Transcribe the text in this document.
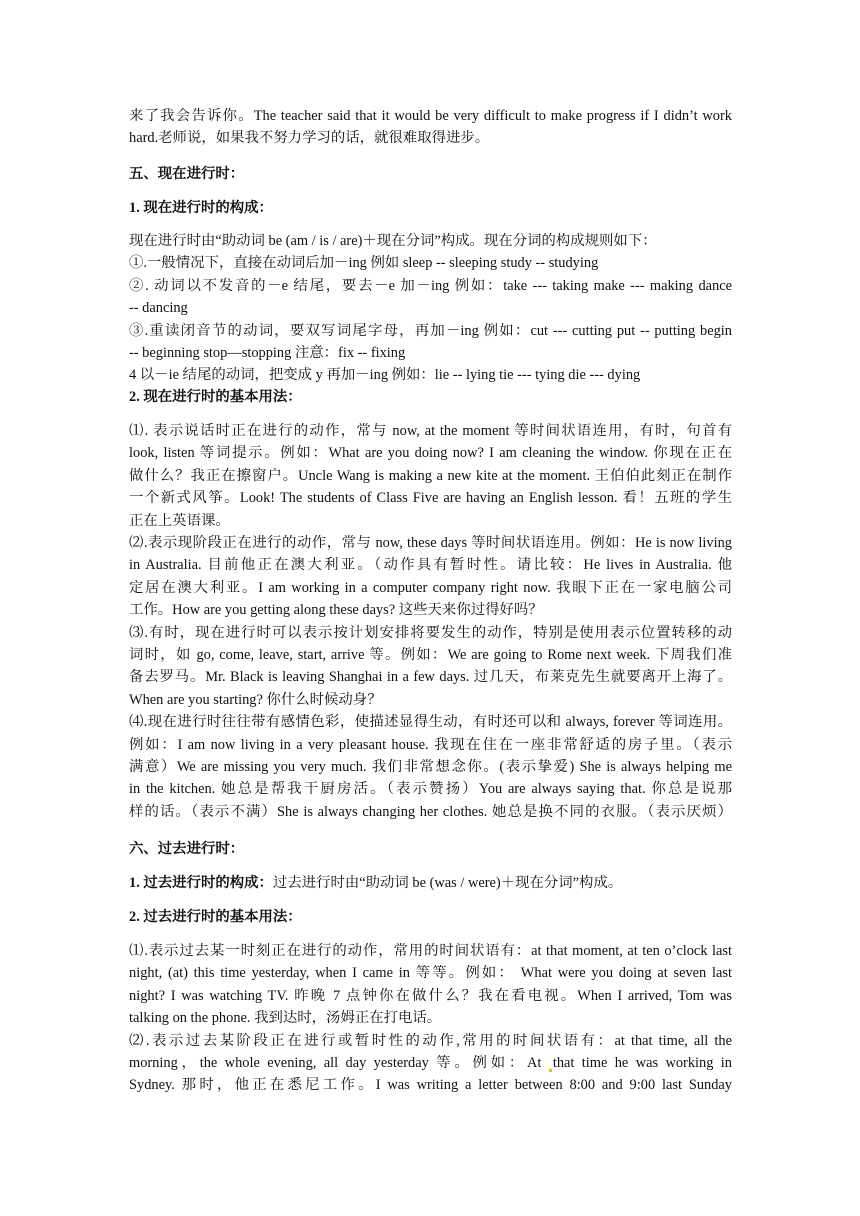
来了我会告诉你。The teacher said that it would be very difficult to make progress if I didn’t work
hard.老师说，如果我不努力学习的话，就很难取得进步。

五、现在进行时：

1. 现在进行时的构成：

现在进行时由“助动词 be (am / is / are)＋现在分词”构成。现在分词的构成规则如下：
①.一般情况下，直接在动词后加－ing 例如 sleep -- sleeping study -- studying
②. 动词以不发音的－e 结尾，要去－e 加－ing 例如：take --- taking make --- making dance
-- dancing
③.重读闭音节的动词，要双写词尾字母，再加－ing 例如：cut --- cutting put -- putting begin
-- beginning stop—stopping 注意：fix -- fixing
4 以－ie 结尾的动词，把变成 y 再加－ing 例如：lie -- lying tie --- tying die --- dying

2. 现在进行时的基本用法：

⑴. 表示说话时正在进行的动作，常与 now, at the moment 等时间状语连用，有时，句首有
look, listen 等词提示。例如：What are you doing now? I am cleaning the window. 你现在正在
做什么？我正在擦窗户。Uncle Wang is making a new kite at the moment. 王伯伯此刻正在制作
一个新式风筝。Look! The students of Class Five are having an English lesson. 看！五班的学生
正在上英语课。
⑵.表示现阶段正在进行的动作，常与 now, these days 等时间状语连用。例如：He is now living
in Australia. 目前他正在澳大利亚。（动作具有暂时性。请比较：He lives in Australia. 他
定居在澳大利亚。I am working in a computer company right now. 我眼下正在一家电脑公司
工作。How are you getting along these days? 这些天来你过得好吗？
⑶.有时，现在进行时可以表示按计划安排将要发生的动作，特别是使用表示位置转移的动
词时，如 go, come, leave, start, arrive 等。例如：We are going to Rome next week. 下周我们准
备去罗马。Mr. Black is leaving Shanghai in a few days. 过几天，布莱克先生就要离开上海了。
When are you starting? 你什么时候动身？
⑷.现在进行时往往带有感情色彩，使描述显得生动，有时还可以和 always, forever 等词连用。
例如：I am now living in a very pleasant house. 我现在住在一座非常舒适的房子里。（表示
满意）We are missing you very much. 我们非常想念你。(表示挚爱) She is always helping me
in the kitchen. 她总是帮我干厨房活。（表示赞扬）You are always saying that. 你总是说那
样的话。（表示不满）She is always changing her clothes. 她总是换不同的衣服。（表示厌烦）

六、过去进行时：

1. 过去进行时的构成：过去进行时由“助动词 be (was / were)＋现在分词”构成。

2. 过去进行时的基本用法：

⑴.表示过去某一时刻正在进行的动作，常用的时间状语有：at that moment, at ten o’clock last
night, (at) this time yesterday, when I came in 等等。例如： What were you doing at seven last
night? I was watching TV. 昨晚 7 点钟你在做什么？我在看电视。When I arrived, Tom was
talking on the phone. 我到达时，汤姆正在打电话。
⑵.表示过去某阶段正在进行或暂时性的动作,常用的时间状语有：at that time, all the
morning，the whole evening, all day yesterday 等。例如：At that time he was working in
Sydney. 那时，他正在悉尼工作。I was writing a letter between 8:00 and 9:00 last Sunday
